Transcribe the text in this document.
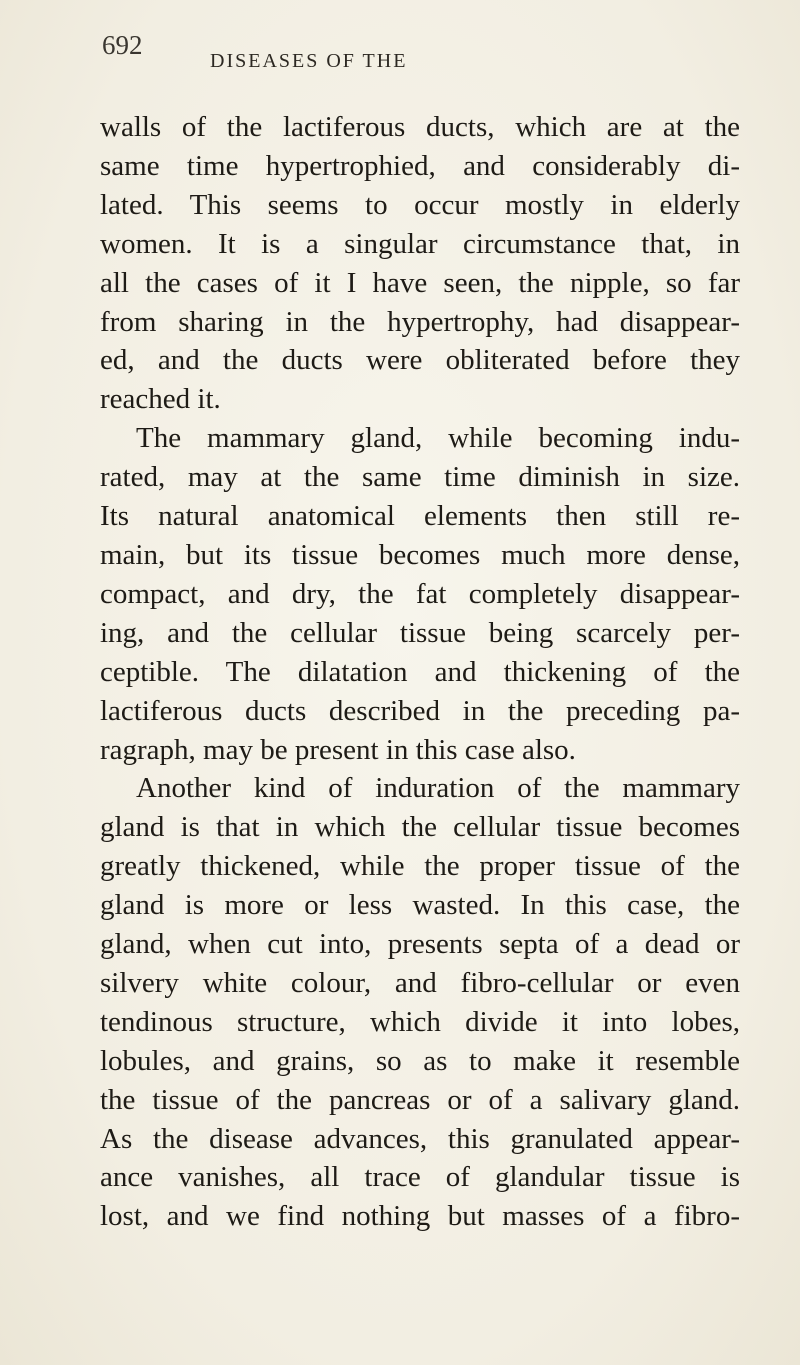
692
DISEASES OF THE

walls of the lactiferous ducts, which are at the
same time hypertrophied, and considerably di-
lated. This seems to occur mostly in elderly
women. It is a singular circumstance that, in
all the cases of it I have seen, the nipple, so far
from sharing in the hypertrophy, had disappear-
ed, and the ducts were obliterated before they
reached it.

The mammary gland, while becoming indu-
rated, may at the same time diminish in size.
Its natural anatomical elements then still re-
main, but its tissue becomes much more dense,
compact, and dry, the fat completely disappear-
ing, and the cellular tissue being scarcely per-
ceptible. The dilatation and thickening of the
lactiferous ducts described in the preceding pa-
ragraph, may be present in this case also.

Another kind of induration of the mammary
gland is that in which the cellular tissue becomes
greatly thickened, while the proper tissue of the
gland is more or less wasted. In this case, the
gland, when cut into, presents septa of a dead or
silvery white colour, and fibro-cellular or even
tendinous structure, which divide it into lobes,
lobules, and grains, so as to make it resemble
the tissue of the pancreas or of a salivary gland.
As the disease advances, this granulated appear-
ance vanishes, all trace of glandular tissue is
lost, and we find nothing but masses of a fibro-
